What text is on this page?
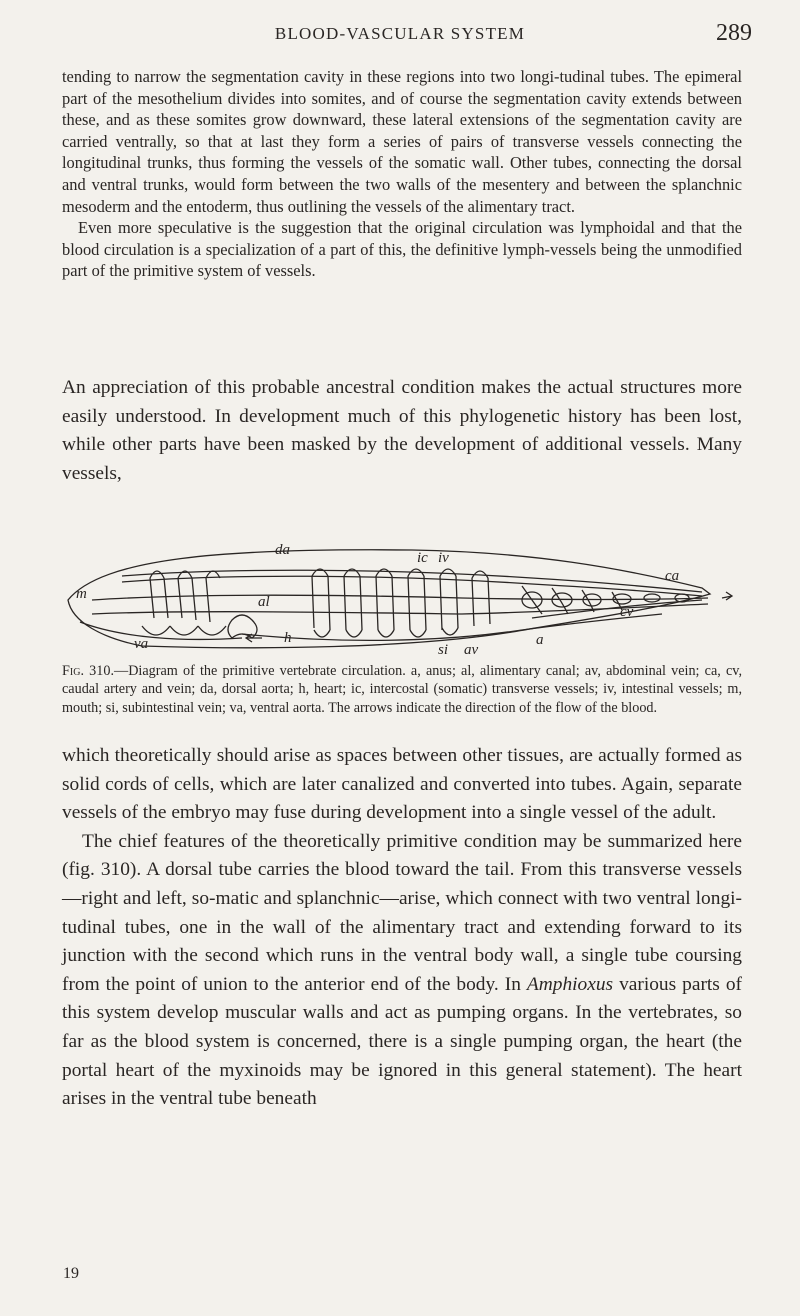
BLOOD-VASCULAR SYSTEM	289

tending to narrow the segmentation cavity in these regions into two longi-tudinal tubes. The epimeral part of the mesothelium divides into somites, and of course the segmentation cavity extends between these, and as these somites grow downward, these lateral extensions of the segmentation cavity are carried ventrally, so that at last they form a series of pairs of transverse vessels connecting the longitudinal trunks, thus forming the vessels of the somatic wall. Other tubes, connecting the dorsal and ventral trunks, would form between the two walls of the mesentery and between the splanchnic mesoderm and the entoderm, thus outlining the vessels of the alimentary tract.

Even more speculative is the suggestion that the original circulation was lymphoidal and that the blood circulation is a specialization of a part of this, the definitive lymph-vessels being the unmodified part of the primitive system of vessels.

An appreciation of this probable ancestral condition makes the actual structures more easily understood. In development much of this phylogenetic history has been lost, while other parts have been masked by the development of additional vessels. Many vessels,

da	ic iv
ca
m	al
cv
va	h
si av
a
Fig. 310.—Diagram of the primitive vertebrate circulation. a, anus; al, alimentary canal; av, abdominal vein; ca, cv, caudal artery and vein; da, dorsal aorta; h, heart; ic, intercostal (somatic) transverse vessels; iv, intestinal vessels; m, mouth; si, subintestinal vein; va, ventral aorta. The arrows indicate the direction of the flow of the blood.

which theoretically should arise as spaces between other tissues, are actually formed as solid cords of cells, which are later canalized and converted into tubes. Again, separate vessels of the embryo may fuse during development into a single vessel of the adult.

The chief features of the theoretically primitive condition may be summarized here (fig. 310). A dorsal tube carries the blood toward the tail. From this transverse vessels—right and left, so-matic and splanchnic—arise, which connect with two ventral longi-tudinal tubes, one in the wall of the alimentary tract and extending forward to its junction with the second which runs in the ventral body wall, a single tube coursing from the point of union to the anterior end of the body. In Amphioxus various parts of this system develop muscular walls and act as pumping organs. In the vertebrates, so far as the blood system is concerned, there is a single pumping organ, the heart (the portal heart of the myxinoids may be ignored in this general statement). The heart arises in the ventral tube beneath

19
